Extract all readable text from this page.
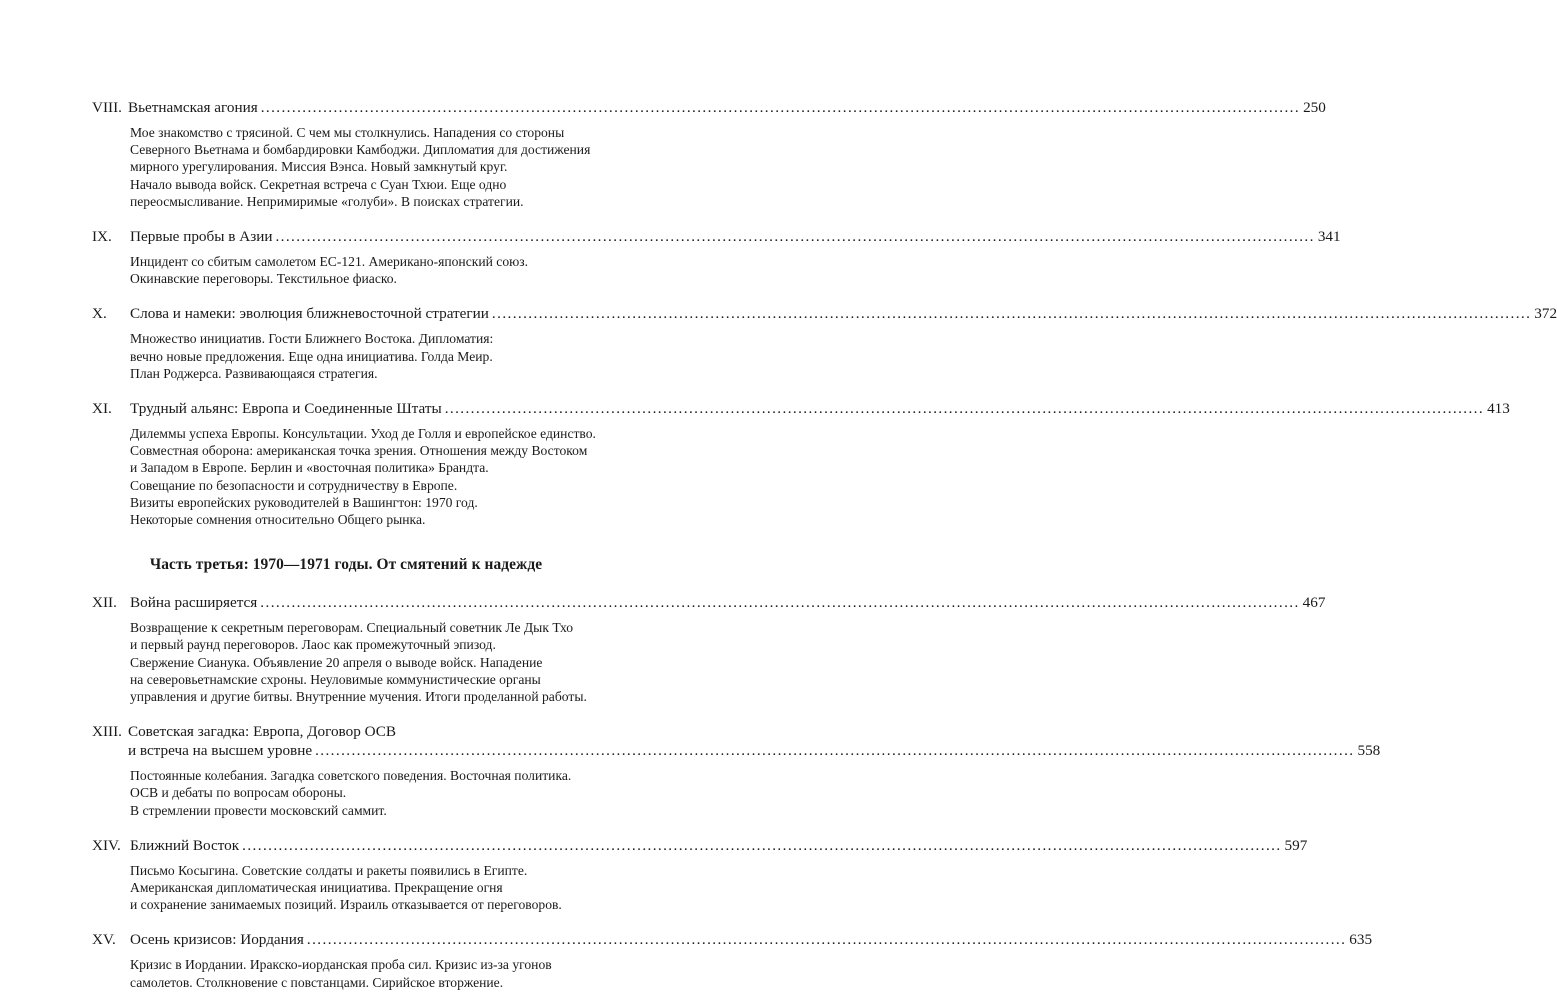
VIII. Вьетнамская агония ........................................................................................................................................................................................................ 250
Мое знакомство с трясиной. С чем мы столкнулись. Нападения со стороны
Северного Вьетнама и бомбардировки Камбоджи. Дипломатия для достижения
мирного урегулирования. Миссия Вэнса. Новый замкнутый круг.
Начало вывода войск. Секретная встреча с Суан Тхюи. Еще одно
переосмысливание. Непримиримые «голуби». В поисках стратегии.
IX.	Первые пробы в Азии ........................................................................................................................................................................................................ 341
Инцидент со сбитым самолетом ЕС-121. Американо-японский союз.
Окинавские переговоры. Текстильное фиаско.
X.	Слова и намеки: эволюция ближневосточной стратегии ........................................................................................................................................................................................................ 372
Множество инициатив. Гости Ближнего Востока. Дипломатия:
вечно новые предложения. Еще одна инициатива. Голда Меир.
План Роджерса. Развивающаяся стратегия.
XI.	Трудный альянс: Европа и Соединенные Штаты ........................................................................................................................................................................................................ 413
Дилеммы успеха Европы. Консультации. Уход де Голля и европейское единство.
Совместная оборона: американская точка зрения. Отношения между Востоком
и Западом в Европе. Берлин и «восточная политика» Брандта.
Совещание по безопасности и сотрудничеству в Европе.
Визиты европейских руководителей в Вашингтон: 1970 год.
Некоторые сомнения относительно Общего рынка.
Часть третья: 1970—1971 годы. От смятений к надежде
XII. Война расширяется ........................................................................................................................................................................................................ 467
Возвращение к секретным переговорам. Специальный советник Ле Дык Тхо
и первый раунд переговоров. Лаос как промежуточный эпизод.
Свержение Сианука. Объявление 20 апреля о выводе войск. Нападение
на северовьетнамские схроны. Неуловимые коммунистические органы
управления и другие битвы. Внутренние мучения. Итоги проделанной работы.
XIII. Советская загадка: Европа, Договор ОСВ
и встреча на высшем уровне ........................................................................................................................................................................................................ 558
Постоянные колебания. Загадка советского поведения. Восточная политика.
ОСВ и дебаты по вопросам обороны.
В стремлении провести московский саммит.
XIV. Ближний Восток ........................................................................................................................................................................................................ 597
Письмо Косыгина. Советские солдаты и ракеты появились в Египте.
Американская дипломатическая инициатива. Прекращение огня
и сохранение занимаемых позиций. Израиль отказывается от переговоров.
XV. Осень кризисов: Иордания ........................................................................................................................................................................................................ 635
Кризис в Иордании. Иракско-иорданская проба сил. Кризис из-за угонов
самолетов. Столкновение с повстанцами. Сирийское вторжение.
